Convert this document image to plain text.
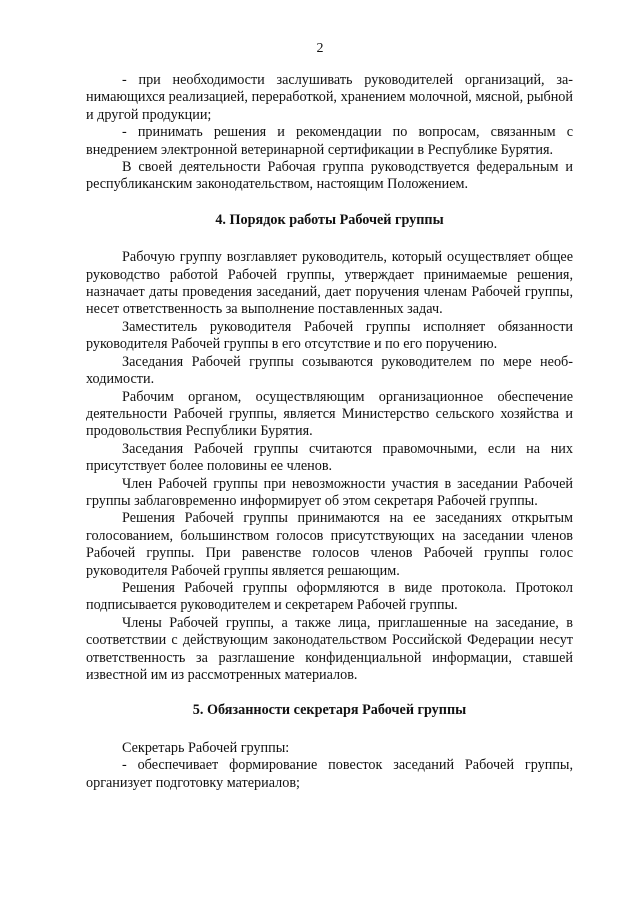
2

- при необходимости заслушивать руководителей организаций, занимающихся реализацией, переработкой, хранением молочной, мясной, рыбной и другой продукции;

- принимать решения и рекомендации по вопросам, связанным с внедрением электронной ветеринарной сертификации в Республике Бурятия.

В своей деятельности Рабочая группа руководствуется федеральным и республиканским законодательством, настоящим Положением.

4. Порядок работы Рабочей группы

Рабочую группу возглавляет руководитель, который осуществляет общее руководство работой Рабочей группы, утверждает принимаемые решения, назначает даты проведения заседаний, дает поручения членам Рабочей группы, несет ответственность за выполнение поставленных задач.

Заместитель руководителя Рабочей группы исполняет обязанности руководителя Рабочей группы в его отсутствие и по его поручению.

Заседания Рабочей группы созываются руководителем по мере необходимости.

Рабочим органом, осуществляющим организационное обеспечение деятельности Рабочей группы, является Министерство сельского хозяйства и продовольствия Республики Бурятия.

Заседания Рабочей группы считаются правомочными, если на них присутствует более половины ее членов.

Член Рабочей группы при невозможности участия в заседании Рабочей группы заблаговременно информирует об этом секретаря Рабочей группы.

Решения Рабочей группы принимаются на ее заседаниях открытым голосованием, большинством голосов присутствующих на заседании членов Рабочей группы. При равенстве голосов членов Рабочей группы голос руководителя Рабочей группы является решающим.

Решения Рабочей группы оформляются в виде протокола. Протокол подписывается руководителем и секретарем Рабочей группы.

Члены Рабочей группы, а также лица, приглашенные на заседание, в соответствии с действующим законодательством Российской Федерации несут ответственность за разглашение конфиденциальной информации, ставшей известной им из рассмотренных материалов.

5. Обязанности секретаря Рабочей группы

Секретарь Рабочей группы:

- обеспечивает формирование повесток заседаний Рабочей группы, организует подготовку материалов;
